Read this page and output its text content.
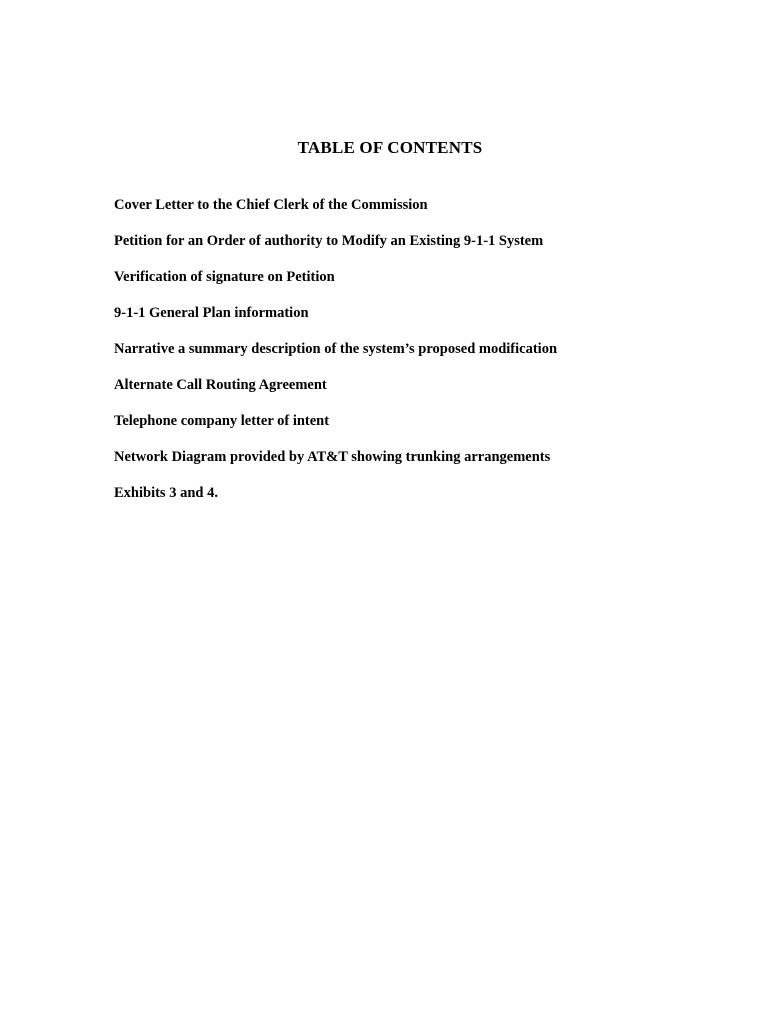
TABLE OF CONTENTS
Cover Letter to the Chief Clerk of the Commission
Petition for an Order of authority to Modify an Existing 9-1-1 System
Verification of signature on Petition
9-1-1 General Plan information
Narrative a summary description of the system’s proposed modification
Alternate Call Routing Agreement
Telephone company letter of intent
Network Diagram provided by AT&T showing trunking arrangements
Exhibits 3 and 4.
